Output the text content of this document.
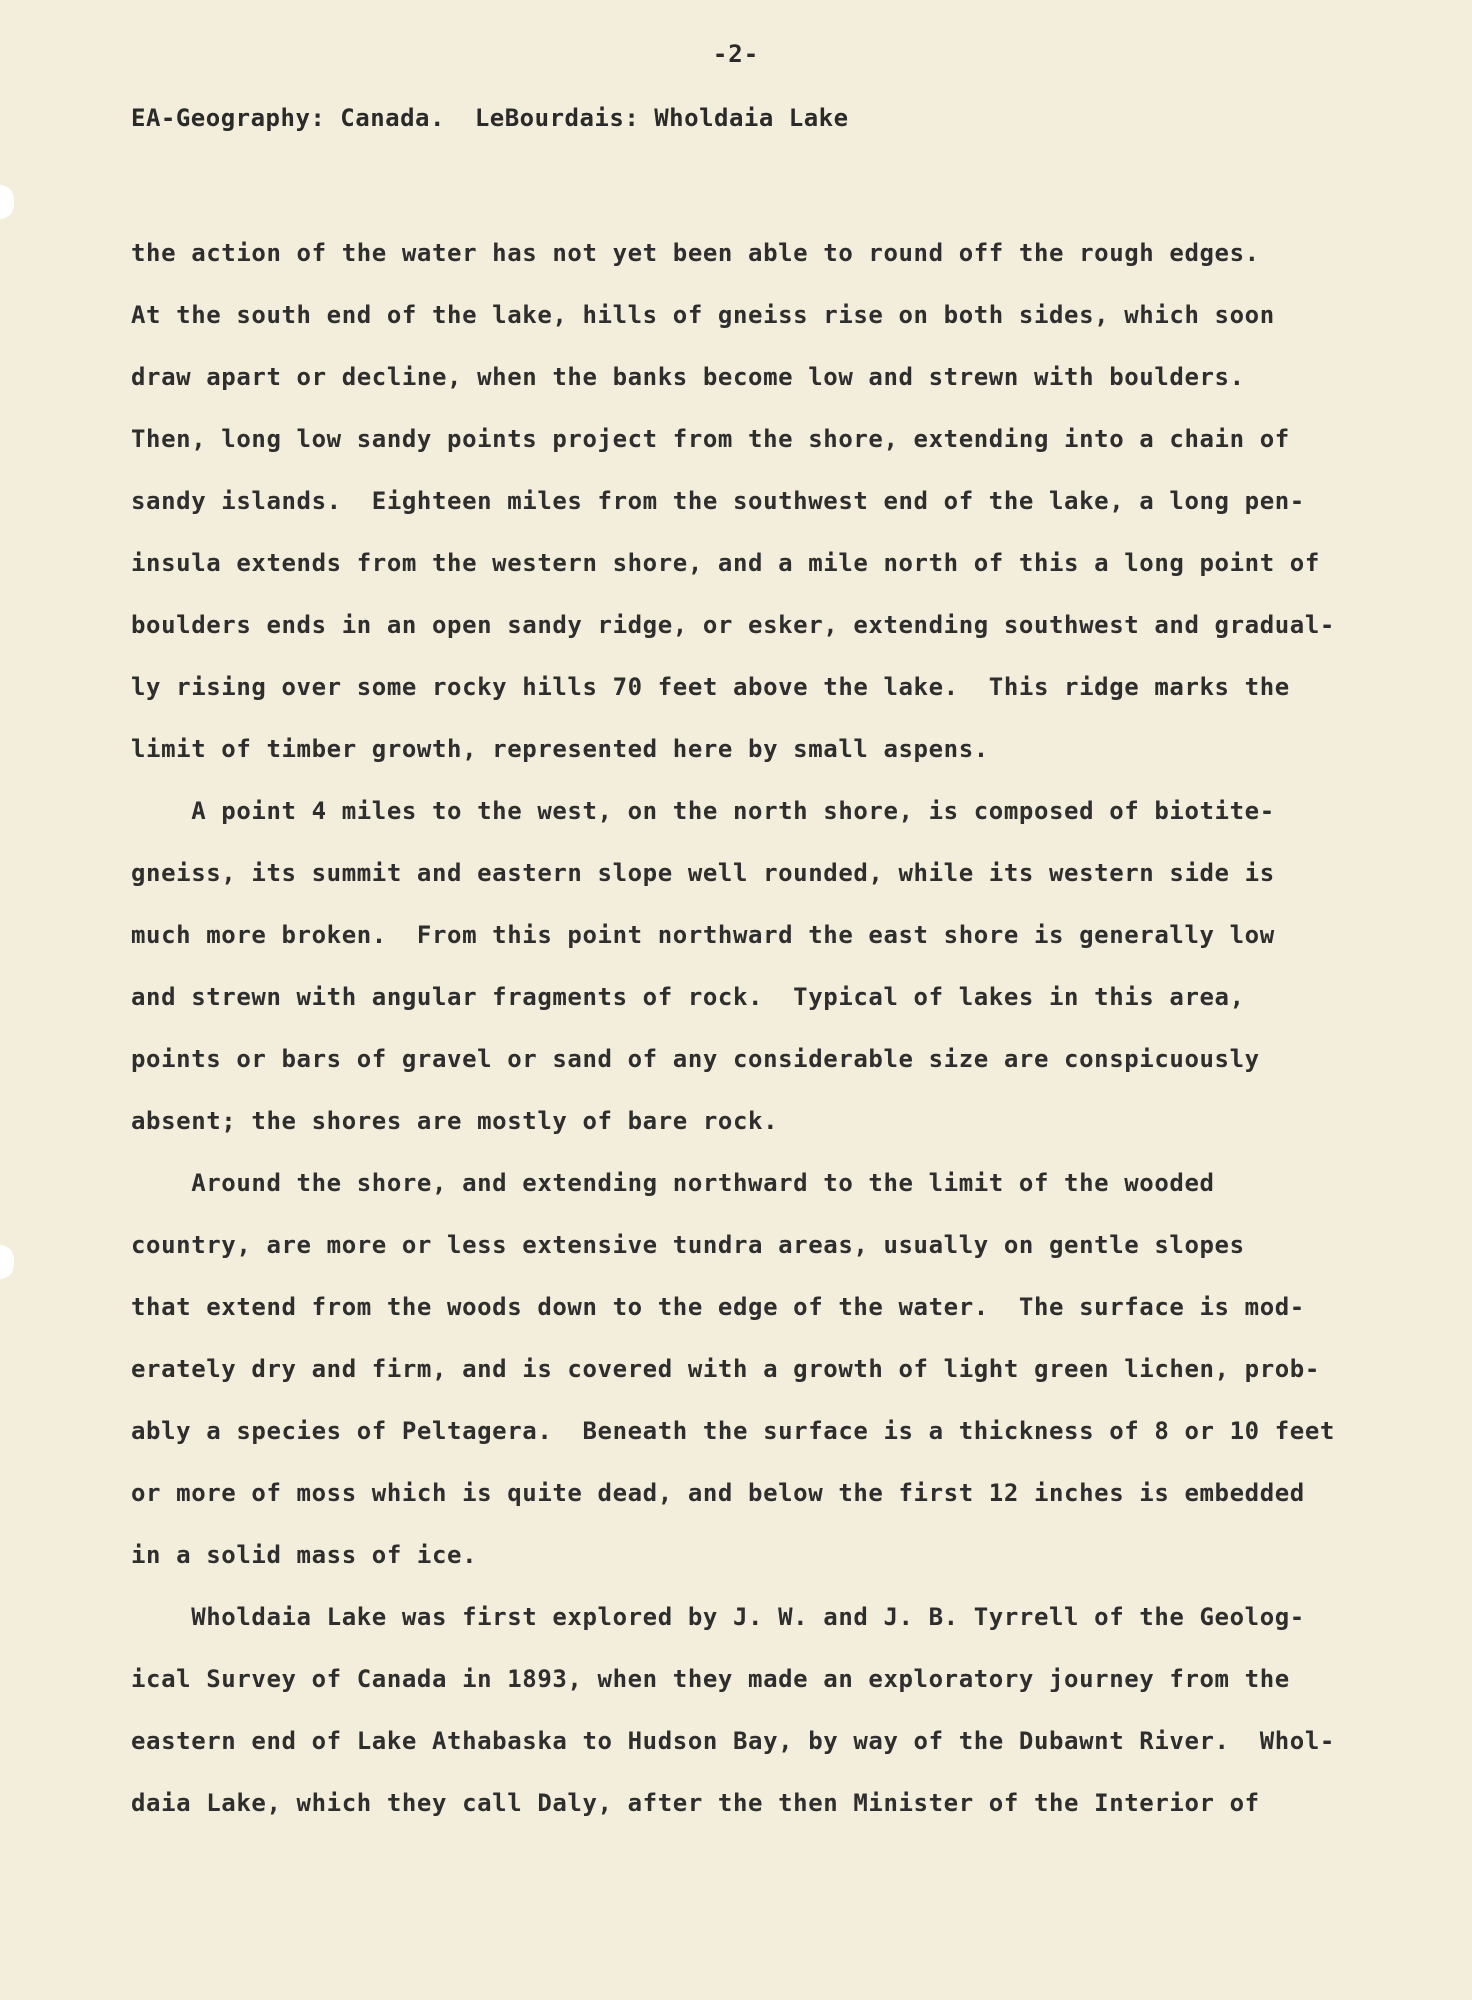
-2-
EA-Geography: Canada.  LeBourdais: Wholdaia Lake
the action of the water has not yet been able to round off the rough edges.
At the south end of the lake, hills of gneiss rise on both sides, which soon
draw apart or decline, when the banks become low and strewn with boulders.
Then, long low sandy points project from the shore, extending into a chain of
sandy islands.  Eighteen miles from the southwest end of the lake, a long pen-
insula extends from the western shore, and a mile north of this a long point of
boulders ends in an open sandy ridge, or esker, extending southwest and gradual-
ly rising over some rocky hills 70 feet above the lake.  This ridge marks the
limit of timber growth, represented here by small aspens.
A point 4 miles to the west, on the north shore, is composed of biotite-
gneiss, its summit and eastern slope well rounded, while its western side is
much more broken.  From this point northward the east shore is generally low
and strewn with angular fragments of rock.  Typical of lakes in this area,
points or bars of gravel or sand of any considerable size are conspicuously
absent; the shores are mostly of bare rock.
Around the shore, and extending northward to the limit of the wooded
country, are more or less extensive tundra areas, usually on gentle slopes
that extend from the woods down to the edge of the water.  The surface is mod-
erately dry and firm, and is covered with a growth of light green lichen, prob-
ably a species of Peltagera.  Beneath the surface is a thickness of 8 or 10 feet
or more of moss which is quite dead, and below the first 12 inches is embedded
in a solid mass of ice.
Wholdaia Lake was first explored by J. W. and J. B. Tyrrell of the Geolog-
ical Survey of Canada in 1893, when they made an exploratory journey from the
eastern end of Lake Athabaska to Hudson Bay, by way of the Dubawnt River.  Whol-
daia Lake, which they call Daly, after the then Minister of the Interior of
